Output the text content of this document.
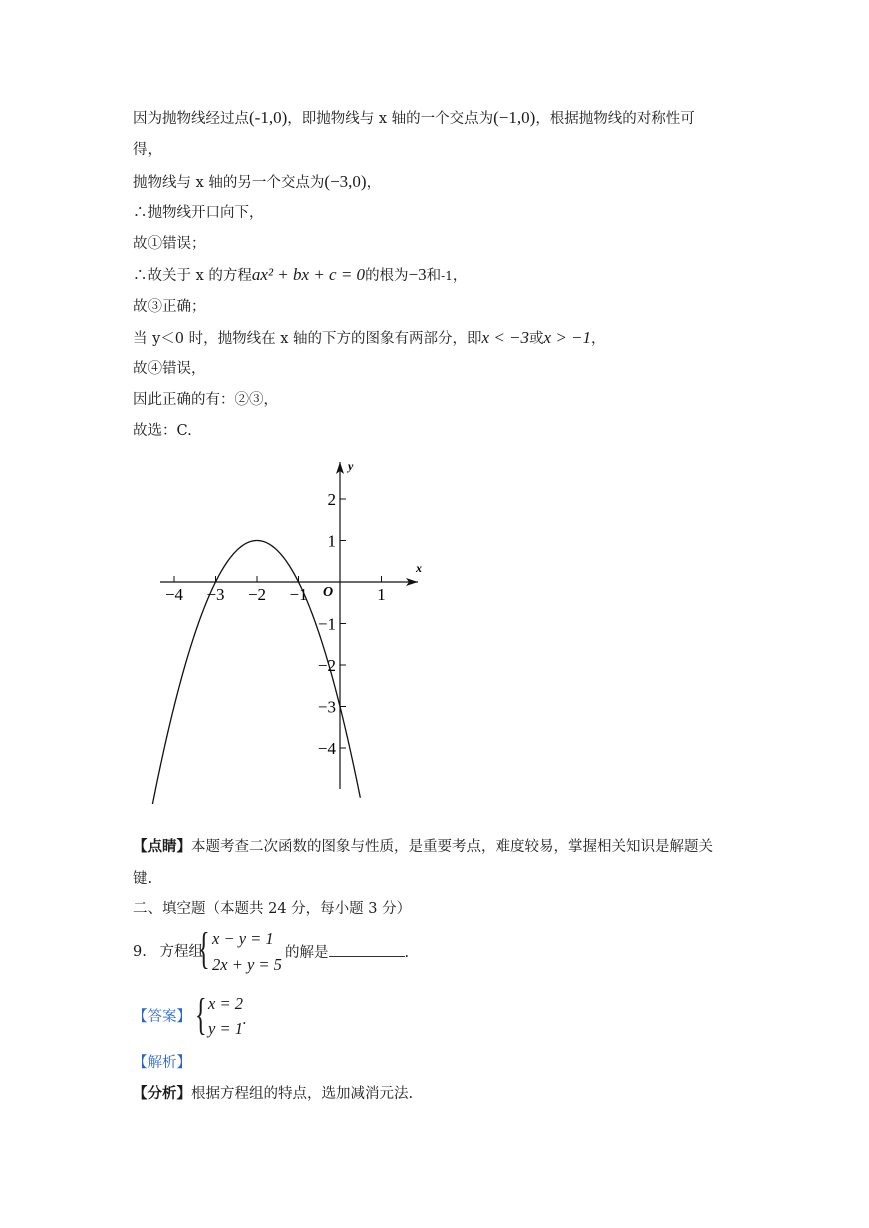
因为抛物线经过点(-1,0)，即抛物线与 x 轴的一个交点为(−1,0)，根据抛物线的对称性可
得，
抛物线与 x 轴的另一个交点为(−3,0)，
∴抛物线开口向下，
故①错误；
∴故关于 x 的方程ax² + bx + c = 0的根为−3和-1，
故③正确；
当 y＜0 时，抛物线在 x 轴的下方的图象有两部分，即x < −3或x > −1，
故④错误，
因此正确的有：②③，
故选：C.
x
y
O
−4 −3 −2 −1	1
2
1
−1
−2
−3
−4
【点睛】本题考查二次函数的图象与性质，是重要考点，难度较易，掌握相关知识是解题关
键.
二、填空题（本题共 24 分，每小题 3 分）
9. 方程组
{ x − y = 1
2x + y = 5
的解是	.
【答案】 { x = 2
y = 1 .
【解析】
【分析】根据方程组的特点，选加减消元法.
